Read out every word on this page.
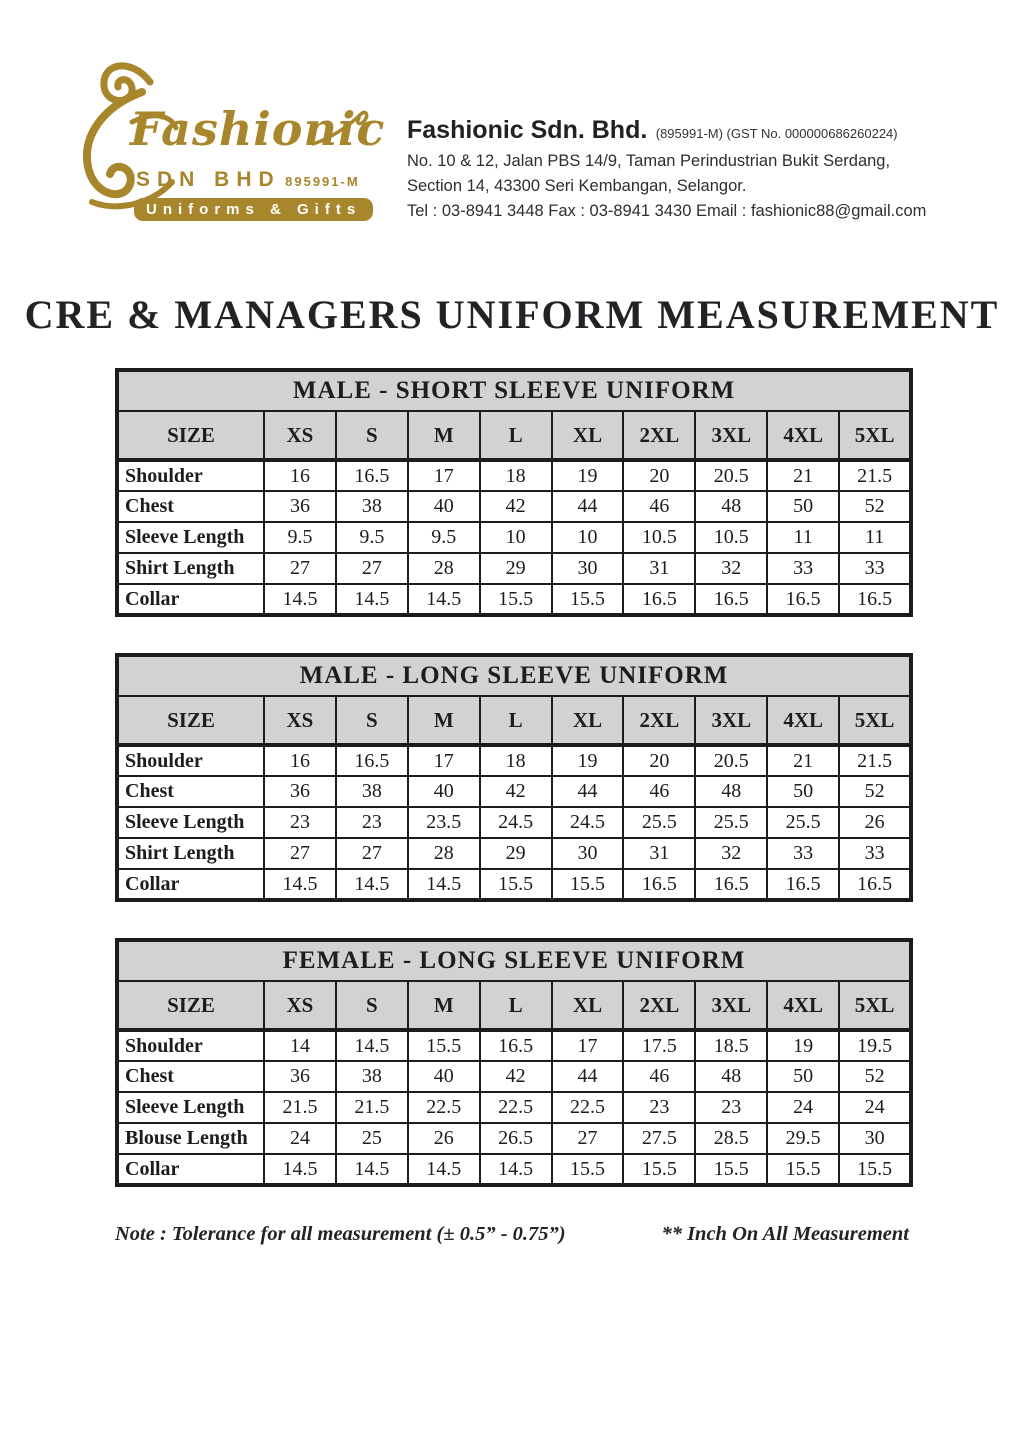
Fashionic
SDN BHD 895991-M
Uniforms & Gifts
Fashionic Sdn. Bhd. (895991-M) (GST No. 000000686260224)
No. 10 & 12, Jalan PBS 14/9, Taman Perindustrian Bukit Serdang,
Section 14, 43300 Seri Kembangan, Selangor.
Tel : 03-8941 3448 Fax : 03-8941 3430 Email : fashionic88@gmail.com
CRE & MANAGERS UNIFORM MEASUREMENT
MALE - SHORT SLEEVE UNIFORM									
SIZE	XS	S	M	L	XL	2XL	3XL	4XL	5XL
Shoulder	16	16.5	17	18	19	20	20.5	21	21.5
Chest	36	38	40	42	44	46	48	50	52
Sleeve Length	9.5	9.5	9.5	10	10	10.5	10.5	11	11
Shirt Length	27	27	28	29	30	31	32	33	33
Collar	14.5	14.5	14.5	15.5	15.5	16.5	16.5	16.5	16.5
MALE - LONG SLEEVE UNIFORM									
SIZE	XS	S	M	L	XL	2XL	3XL	4XL	5XL
Shoulder	16	16.5	17	18	19	20	20.5	21	21.5
Chest	36	38	40	42	44	46	48	50	52
Sleeve Length	23	23	23.5	24.5	24.5	25.5	25.5	25.5	26
Shirt Length	27	27	28	29	30	31	32	33	33
Collar	14.5	14.5	14.5	15.5	15.5	16.5	16.5	16.5	16.5
FEMALE - LONG SLEEVE UNIFORM									
SIZE	XS	S	M	L	XL	2XL	3XL	4XL	5XL
Shoulder	14	14.5	15.5	16.5	17	17.5	18.5	19	19.5
Chest	36	38	40	42	44	46	48	50	52
Sleeve Length	21.5	21.5	22.5	22.5	22.5	23	23	24	24
Blouse Length	24	25	26	26.5	27	27.5	28.5	29.5	30
Collar	14.5	14.5	14.5	14.5	15.5	15.5	15.5	15.5	15.5
Note : Tolerance for all measurement (± 0.5” - 0.75”)	** Inch On All Measurement
